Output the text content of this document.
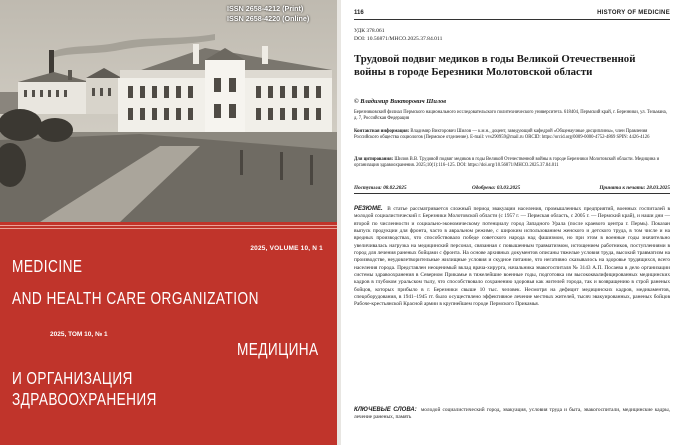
ISSN 2658-4212 (Print)
ISSN 2658-4220 (Online)
2025, VOLUME 10, N 1
MEDICINE
AND HEALTH CARE ORGANIZATION
2025, ТОМ 10, № 1
МЕДИЦИНА
И ОРГАНИЗАЦИЯ ЗДРАВООХРАНЕНИЯ
116	HISTORY OF MEDICINE
УДК 378.061
DOI: 10.56871/MHCO.2025.37.84.011
Трудовой подвиг медиков в годы Великой Отечественной войны в городе Березники Молотовской области
© Владимир Викторович Шилов
Березниковский филиал Пермского национального исследовательского политехнического университета. 618404, Пермский край, г. Березники, ул. Тельмана, д. 7, Российская Федерация
Контактная информация: Владимир Викторович Шилов — к.м.н., доцент, заведующий кафедрой «Общенаучные дисциплины», член Правления Российского общества социологов (Пермское отделение). E-mail: vvs290959@mail.ru ORCID: https://orcid.org/0009-0000-4752-4869 SPIN: 4426-4126
Для цитирования: Шилов В.В. Трудовой подвиг медиков в годы Великой Отечественной войны в городе Березники Молотовской области. Медицина и организация здравоохранения. 2025;10(1):116–125. DOI: https://doi.org/10.56871/MHCO.2025.37.84.011
Поступила: 08.02.2025	Одобрена: 03.03.2025	Принята к печати: 28.03.2025
РЕЗЮМЕ. В статье рассматривается сложный период эвакуации населения, промышленных предприятий, военных госпиталей в молодой социалистический г. Березники Молотовской области (с 1957 г. — Пермская область, с 2005 г. — Пермский край), и наши дни — второй по численности и социально-экономическому потенциалу город Западного Урала (после краевого центра г. Пермь). Показан выпуск продукции для фронта, часто в авральном режиме, с широким использованием женского и детского труда, в том числе и на вредных производствах, что способствовало победе советского народа над фашизмом, но при этом в военные годы значительно увеличивалась нагрузка на медицинский персонал, связанная с повышенным травматизмом, истощением работников, поступлениями в город для лечения раненых бойцами с фронта. На основе архивных документов описаны тяжелые условия труда, высокий травматизм на производстве, неудовлетворительные жилищные условия и скудное питание, что негативно сказывалось на здоровье трудящихся, всего населения города. Представлен неоценимый вклад врача-хирурга, начальника эвакогоспиталя № 3143 А.П. Посаева в дело организации системы здравоохранения в Северном Прикамье в тяжелейшие военные годы, подготовка им высококвалифицированных медицинских кадров в глубоком уральском тылу, что способствовало сохранению здоровья как жителей города, так и возвращению в строй раненых бойцов, которых прибыло в г. Березники свыше 10 тыс. человек. Несмотря на дефицит медицинских кадров, медикаментов, спецоборудования, в 1941–1945 гг. было осуществлено эффективное лечение местных жителей, тысяч эвакуированных, раненых бойцов Рабоче-крестьянской Красной армии в крупнейшем городе Пермского Прикамья.
КЛЮЧЕВЫЕ СЛОВА: молодой социалистический город, эвакуация, условия труда и быта, эвакогоспитали, медицинские кадры, лечение раненых, память
